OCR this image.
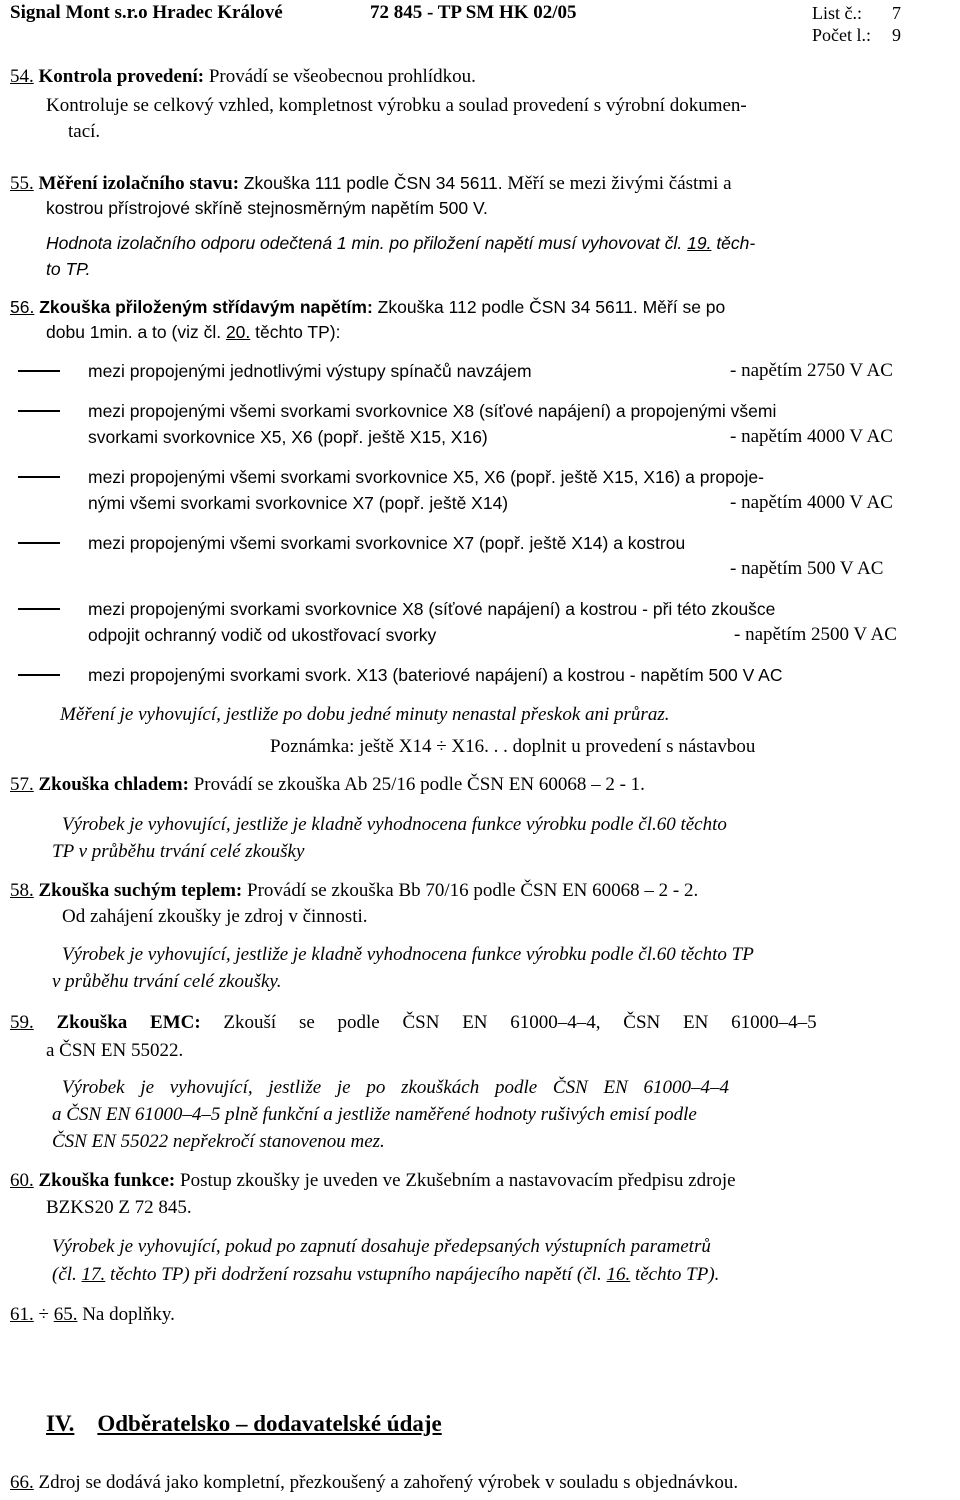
Signal Mont s.r.o Hradec Králové	72 845 - TP SM HK 02/05	List č.: 7
Počet l.: 9
54. Kontrola provedení: Provádí se všeobecnou prohlídkou.
Kontroluje se celkový vzhled, kompletnost výrobku a soulad provedení s výrobní dokumen-
tací.
55. Měření izolačního stavu: Zkouška 111 podle ČSN 34 5611. Měří se mezi živými částmi a
kostrou přístrojové skříně stejnosměrným napětím 500 V.
Hodnota izolačního odporu odečtená 1 min. po přiložení napětí musí vyhovovat čl. 19. těch-
to TP.
56. Zkouška přiloženým střídavým napětím: Zkouška 112 podle ČSN 34 5611. Měří se po
dobu 1min. a to (viz čl. 20. těchto TP):
mezi propojenými jednotlivými výstupy spínačů navzájem	- napětím 2750 V AC
mezi propojenými všemi svorkami svorkovnice X8 (síťové napájení) a propojenými všemi
svorkami svorkovnice X5, X6 (popř. ještě X15, X16)	- napětím 4000 V AC
mezi propojenými všemi svorkami svorkovnice X5, X6 (popř. ještě X15, X16) a propoje-
nými všemi svorkami svorkovnice X7 (popř. ještě X14)	- napětím 4000 V AC
mezi propojenými všemi svorkami svorkovnice X7 (popř. ještě X14) a kostrou
- napětím 500 V AC
mezi propojenými svorkami svorkovnice X8 (síťové napájení) a kostrou - při této zkoušce
odpojit ochranný vodič od ukostřovací svorky	- napětím 2500 V AC
mezi propojenými svorkami svork. X13 (bateriové napájení) a kostrou - napětím 500 V AC
Měření je vyhovující, jestliže po dobu jedné minuty nenastal přeskok ani průraz.
Poznámka: ještě X14 ÷ X16. . . doplnit u provedení s nástavbou
57. Zkouška chladem: Provádí se zkouška Ab 25/16 podle ČSN EN 60068 – 2 - 1.
Výrobek je vyhovující, jestliže je kladně vyhodnocena funkce výrobku podle čl.60 těchto
TP v průběhu trvání celé zkoušky
58. Zkouška suchým teplem: Provádí se zkouška Bb 70/16 podle ČSN EN 60068 – 2 - 2.
Od zahájení zkoušky je zdroj v činnosti.
Výrobek je vyhovující, jestliže je kladně vyhodnocena funkce výrobku podle čl.60 těchto TP
v průběhu trvání celé zkoušky.
59. Zkouška EMC: Zkouší se podle ČSN EN 61000–4–4, ČSN EN 61000–4–5
a ČSN EN 55022.
Výrobek je vyhovující, jestliže je po zkouškách podle ČSN EN 61000–4–4
a ČSN EN 61000–4–5 plně funkční a jestliže naměřené hodnoty rušivých emisí podle
ČSN EN 55022 nepřekročí stanovenou mez.
60. Zkouška funkce: Postup zkoušky je uveden ve Zkušebním a nastavovacím předpisu zdroje
BZKS20 Z 72 845.
Výrobek je vyhovující, pokud po zapnutí dosahuje předepsaných výstupních parametrů
(čl. 17. těchto TP) při dodržení rozsahu vstupního napájecího napětí (čl. 16. těchto TP).
61. ÷ 65. Na doplňky.
IV. Odběratelsko – dodavatelské údaje
66. Zdroj se dodává jako kompletní, přezkoušený a zahořený výrobek v souladu s objednávkou.
